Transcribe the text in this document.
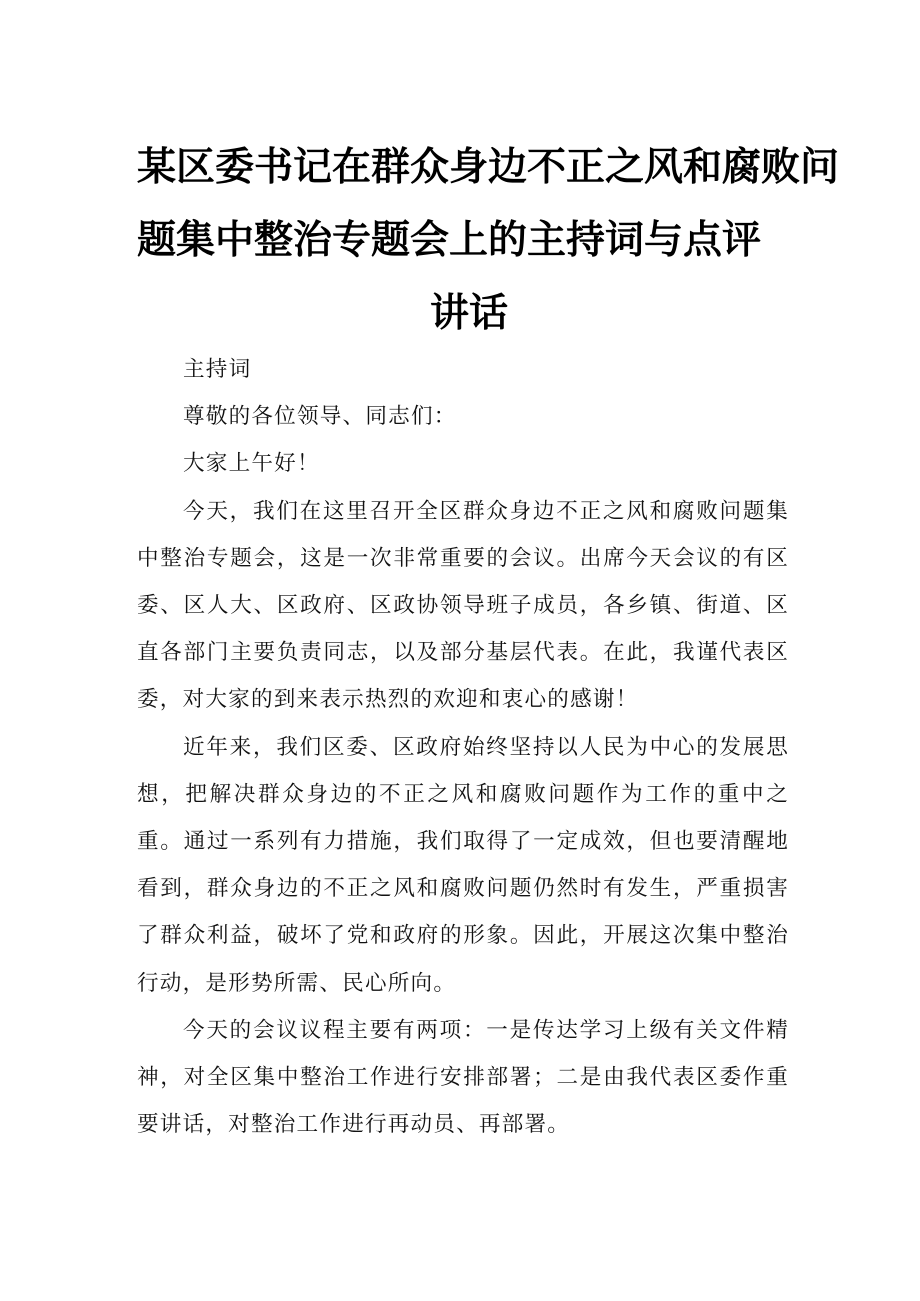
某区委书记在群众身边不正之风和腐败问
题集中整治专题会上的主持词与点评
讲话

主持词

尊敬的各位领导、同志们：

大家上午好！

今天，我们在这里召开全区群众身边不正之风和腐败问题集中整治专题会，这是一次非常重要的会议。出席今天会议的有区委、区人大、区政府、区政协领导班子成员，各乡镇、街道、区直各部门主要负责同志，以及部分基层代表。在此，我谨代表区委，对大家的到来表示热烈的欢迎和衷心的感谢！

近年来，我们区委、区政府始终坚持以人民为中心的发展思想，把解决群众身边的不正之风和腐败问题作为工作的重中之重。通过一系列有力措施，我们取得了一定成效，但也要清醒地看到，群众身边的不正之风和腐败问题仍然时有发生，严重损害了群众利益，破坏了党和政府的形象。因此，开展这次集中整治行动，是形势所需、民心所向。

今天的会议议程主要有两项：一是传达学习上级有关文件精神，对全区集中整治工作进行安排部署；二是由我代表区委作重要讲话，对整治工作进行再动员、再部署。
